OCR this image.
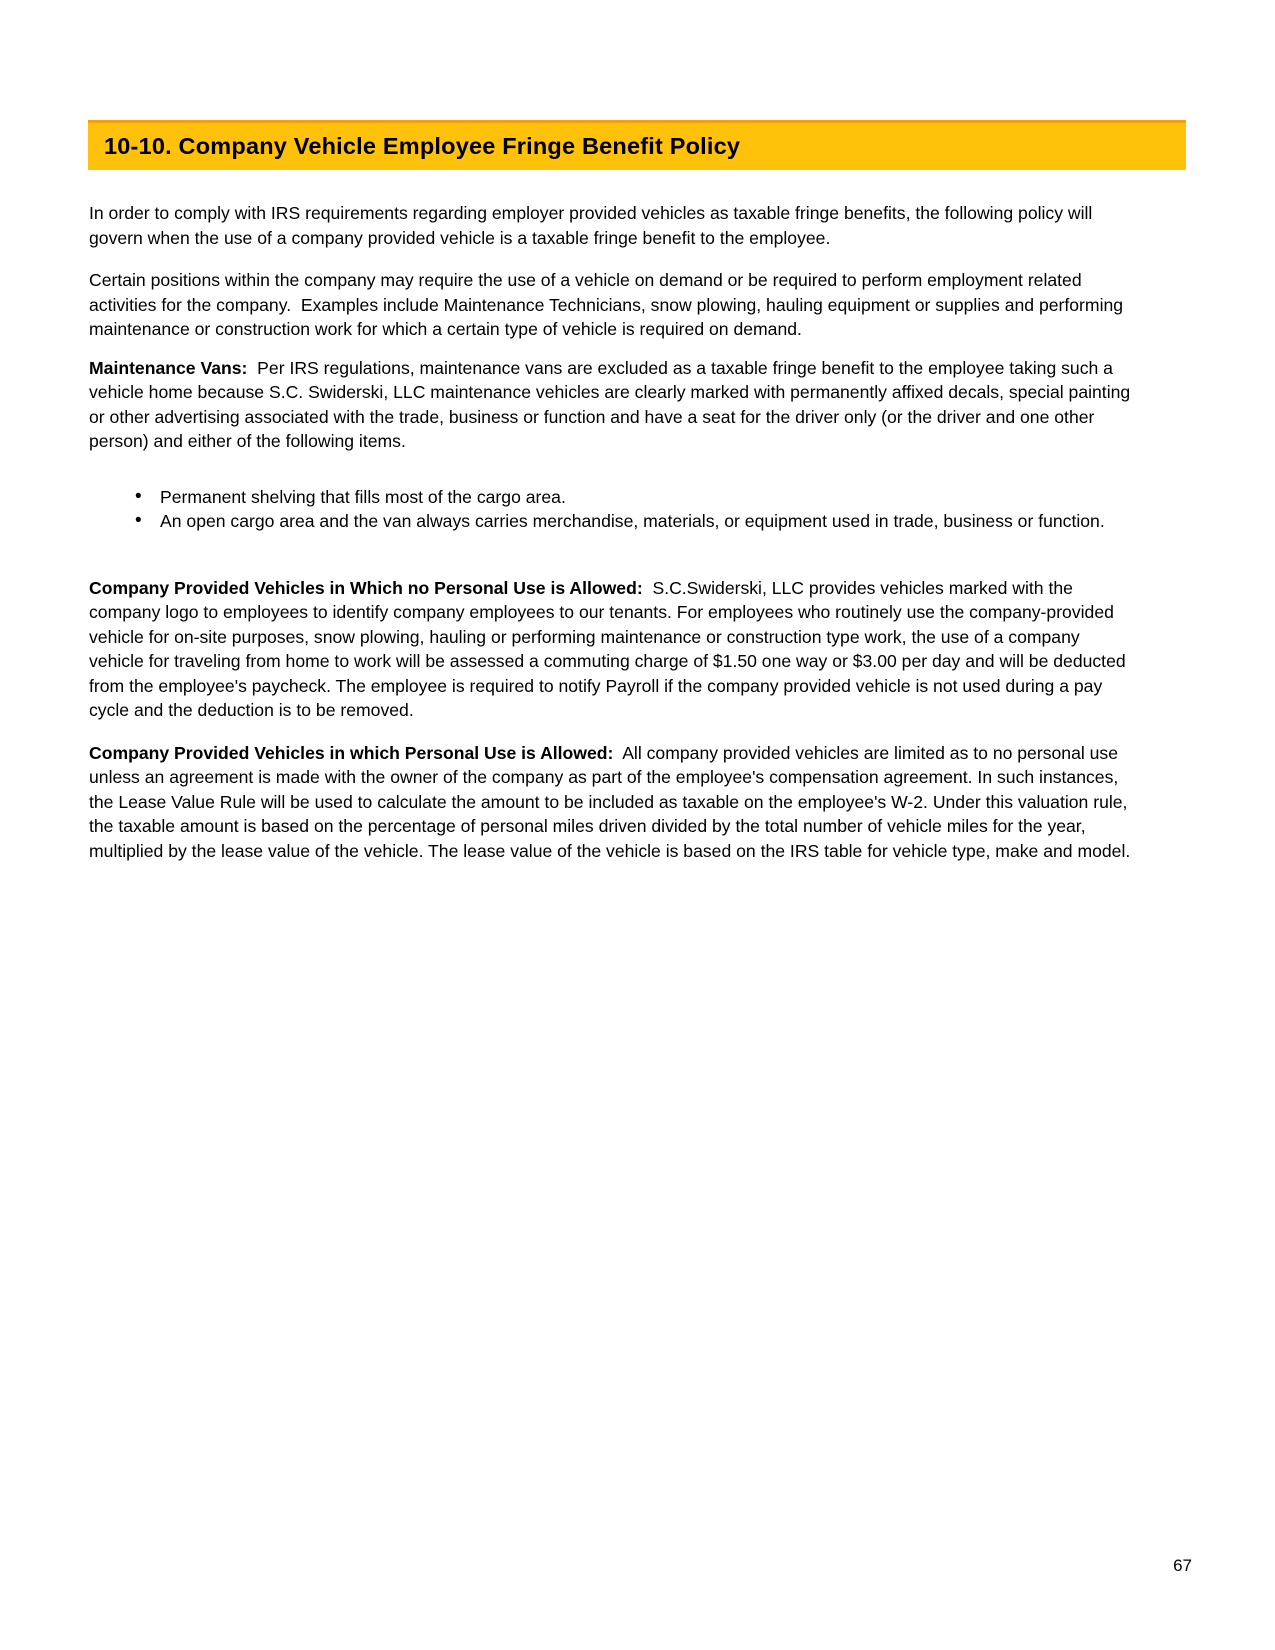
10-10. Company Vehicle Employee Fringe Benefit Policy

In order to comply with IRS requirements regarding employer provided vehicles as taxable fringe benefits, the following policy will govern when the use of a company provided vehicle is a taxable fringe benefit to the employee.

Certain positions within the company may require the use of a vehicle on demand or be required to perform employment related activities for the company.  Examples include Maintenance Technicians, snow plowing, hauling equipment or supplies and performing maintenance or construction work for which a certain type of vehicle is required on demand.

Maintenance Vans:  Per IRS regulations, maintenance vans are excluded as a taxable fringe benefit to the employee taking such a vehicle home because S.C. Swiderski, LLC maintenance vehicles are clearly marked with permanently affixed decals, special painting or other advertising associated with the trade, business or function and have a seat for the driver only (or the driver and one other person) and either of the following items.

• Permanent shelving that fills most of the cargo area.
• An open cargo area and the van always carries merchandise, materials, or equipment used in trade, business or function.

Company Provided Vehicles in Which no Personal Use is Allowed:  S.C.Swiderski, LLC provides vehicles marked with the company logo to employees to identify company employees to our tenants. For employees who routinely use the company-provided vehicle for on-site purposes, snow plowing, hauling or performing maintenance or construction type work, the use of a company vehicle for traveling from home to work will be assessed a commuting charge of $1.50 one way or $3.00 per day and will be deducted from the employee's paycheck. The employee is required to notify Payroll if the company provided vehicle is not used during a pay cycle and the deduction is to be removed.

Company Provided Vehicles in which Personal Use is Allowed:  All company provided vehicles are limited as to no personal use unless an agreement is made with the owner of the company as part of the employee's compensation agreement. In such instances, the Lease Value Rule will be used to calculate the amount to be included as taxable on the employee's W-2. Under this valuation rule, the taxable amount is based on the percentage of personal miles driven divided by the total number of vehicle miles for the year, multiplied by the lease value of the vehicle. The lease value of the vehicle is based on the IRS table for vehicle type, make and model.

67
